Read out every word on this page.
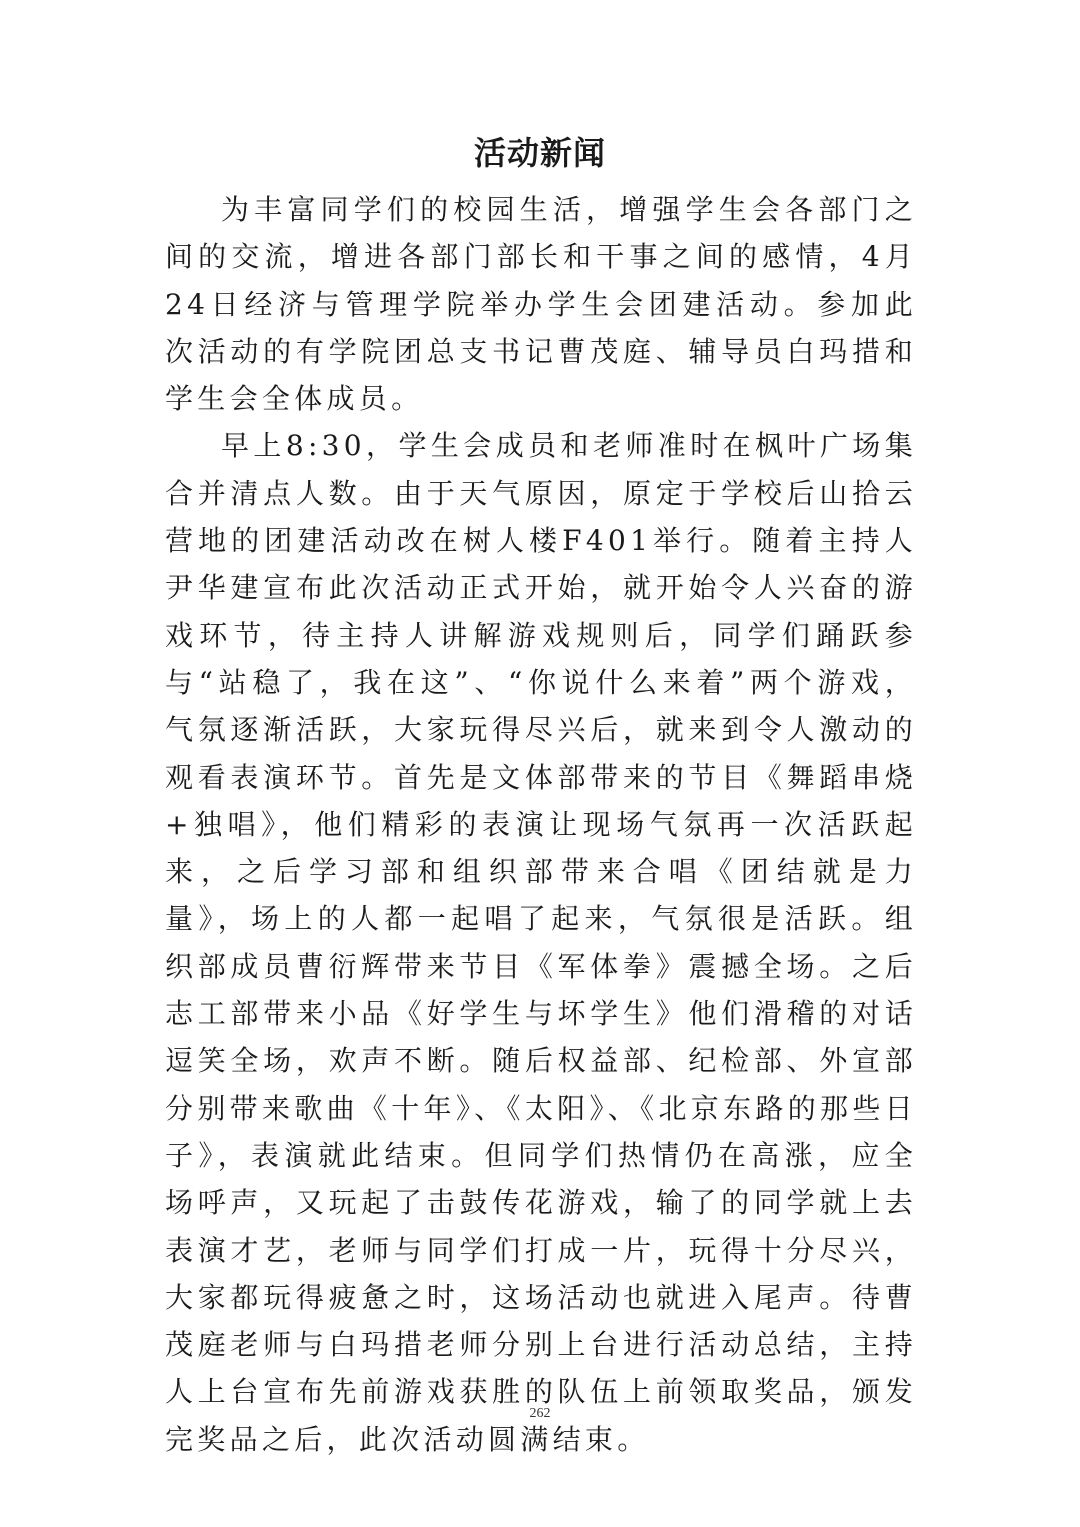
活动新闻

为丰富同学们的校园生活，增强学生会各部门之间的交流，增进各部门部长和干事之间的感情，4月24日经济与管理学院举办学生会团建活动。参加此次活动的有学院团总支书记曹茂庭、辅导员白玛措和学生会全体成员。

早上8:30，学生会成员和老师准时在枫叶广场集合并清点人数。由于天气原因，原定于学校后山拾云营地的团建活动改在树人楼F401举行。随着主持人尹华建宣布此次活动正式开始，就开始令人兴奋的游戏环节，待主持人讲解游戏规则后，同学们踊跃参与“站稳了，我在这”、“你说什么来着”两个游戏，气氛逐渐活跃，大家玩得尽兴后，就来到令人激动的观看表演环节。首先是文体部带来的节目《舞蹈串烧+独唱》，他们精彩的表演让现场气氛再一次活跃起来，之后学习部和组织部带来合唱《团结就是力量》，场上的人都一起唱了起来，气氛很是活跃。组织部成员曹衍辉带来节目《军体拳》震撼全场。之后志工部带来小品《好学生与坏学生》他们滑稽的对话逗笑全场，欢声不断。随后权益部、纪检部、外宣部分别带来歌曲《十年》、《太阳》、《北京东路的那些日子》，表演就此结束。但同学们热情仍在高涨，应全场呼声，又玩起了击鼓传花游戏，输了的同学就上去表演才艺，老师与同学们打成一片，玩得十分尽兴，大家都玩得疲惫之时，这场活动也就进入尾声。待曹茂庭老师与白玛措老师分别上台进行活动总结，主持人上台宣布先前游戏获胜的队伍上前领取奖品，颁发完奖品之后，此次活动圆满结束。

262
